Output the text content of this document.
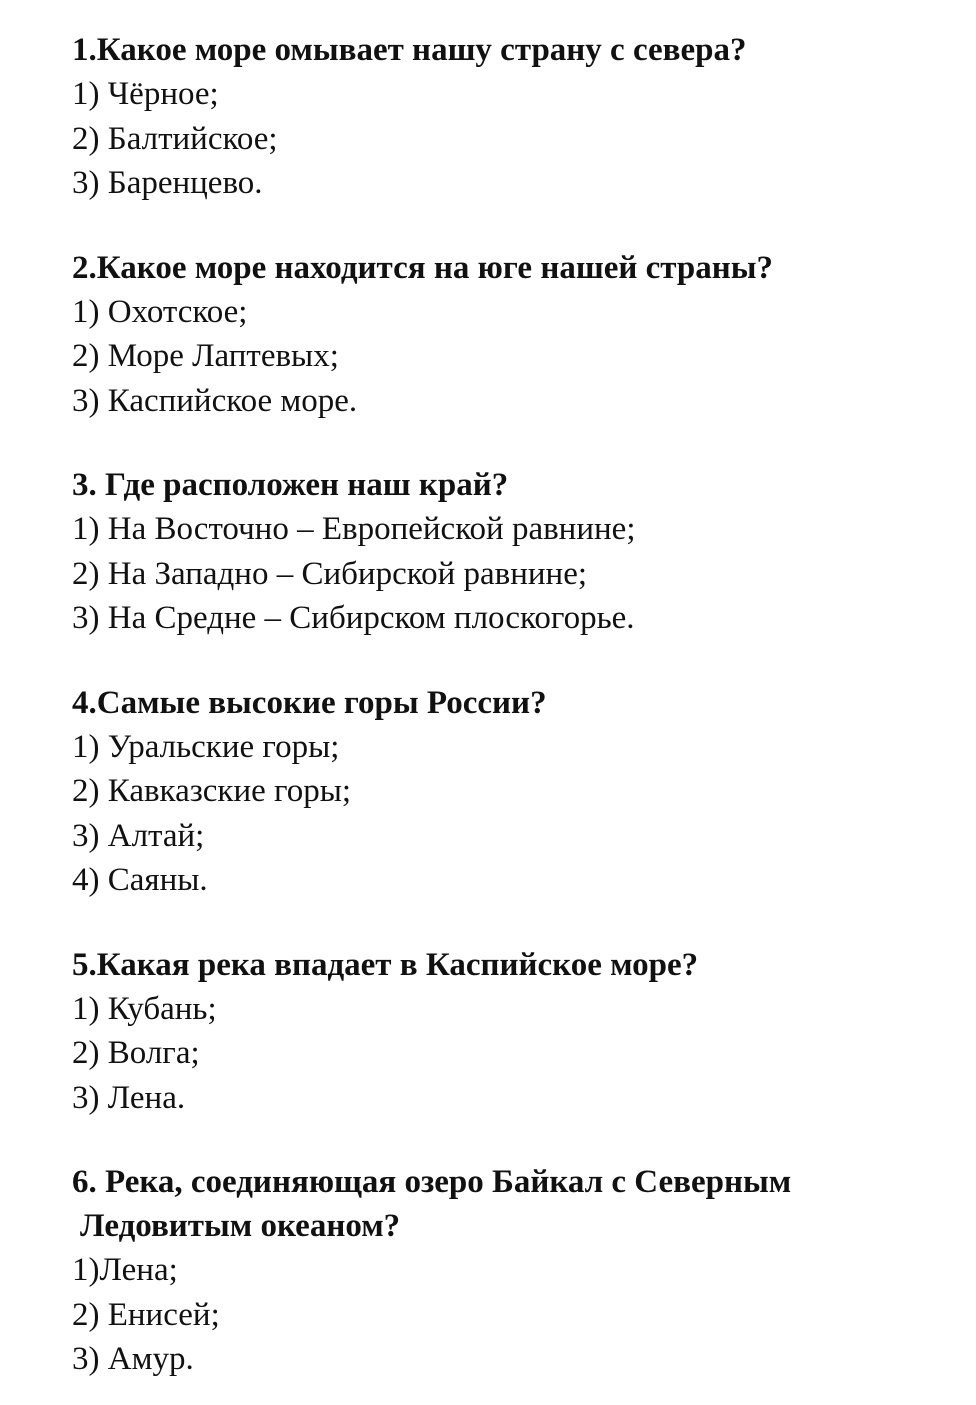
1.Какое море омывает нашу страну с севера?

1) Чёрное;
2) Балтийское;
3) Баренцево.

2.Какое море находится на юге нашей страны?

1) Охотское;
2) Море Лаптевых;
3) Каспийское море.

3. Где расположен наш край?

1) На Восточно – Европейской равнине;
2) На Западно – Сибирской равнине;
3) На Средне – Сибирском плоскогорье.

4.Самые высокие горы России?

1) Уральские горы;
2) Кавказские горы;
3) Алтай;
4) Саяны.

5.Какая река впадает в Каспийское море?

1) Кубань;
2) Волга;
3) Лена.

6. Река, соединяющая озеро Байкал с Северным
Ледовитым океаном?

1)Лена;
2) Енисей;
3) Амур.
